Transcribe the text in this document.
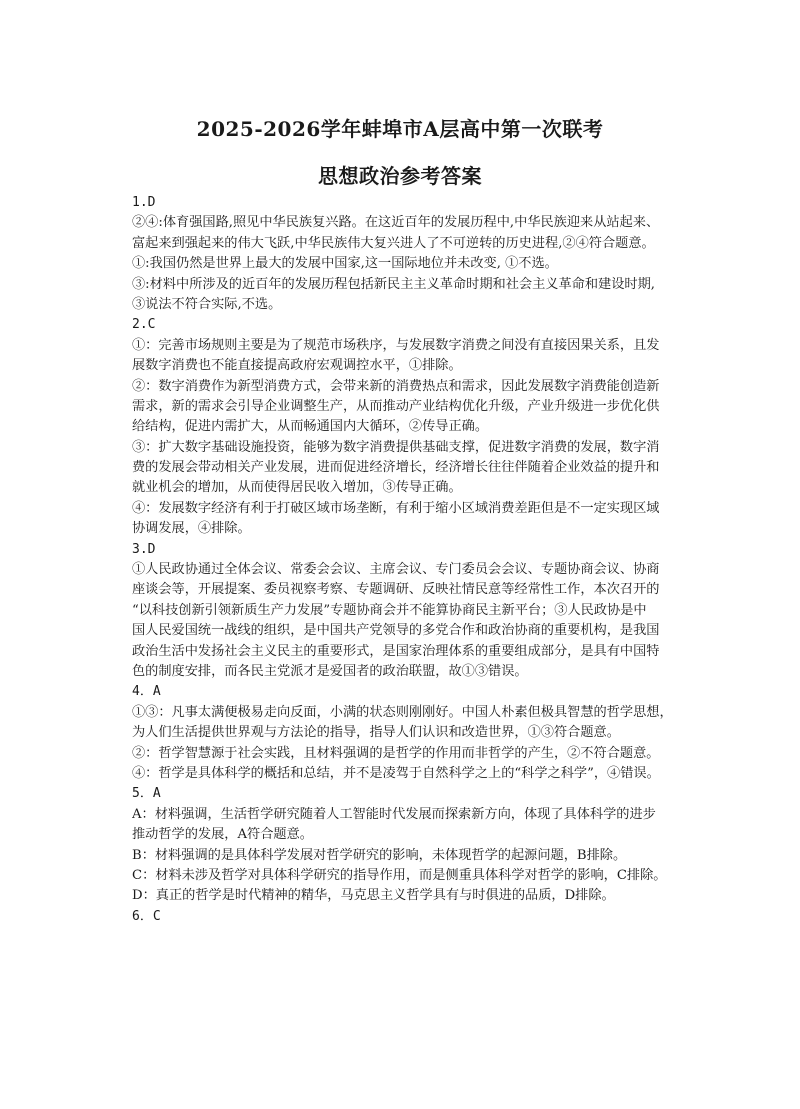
2025-2026学年蚌埠市A层高中第一次联考
思想政治参考答案
1.D
②④:体育强国路,照见中华民族复兴路。在这近百年的发展历程中,中华民族迎来从站起来、
富起来到强起来的伟大飞跃,中华民族伟大复兴进人了不可逆转的历史进程,②④符合题意。
①:我国仍然是世界上最大的发展中国家,这一国际地位并未改变, ①不选。
③:材料中所涉及的近百年的发展历程包括新民主主义革命时期和社会主义革命和建设时期,
③说法不符合实际,不选。
2.C
①：完善市场规则主要是为了规范市场秩序，与发展数字消费之间没有直接因果关系，且发
展数字消费也不能直接提高政府宏观调控水平，①排除。
②：数字消费作为新型消费方式，会带来新的消费热点和需求，因此发展数字消费能创造新
需求，新的需求会引导企业调整生产，从而推动产业结构优化升级，产业升级进一步优化供
给结构，促进内需扩大，从而畅通国内大循环，②传导正确。
③：扩大数字基础设施投资，能够为数字消费提供基础支撑，促进数字消费的发展，数字消
费的发展会带动相关产业发展，进而促进经济增长，经济增长往往伴随着企业效益的提升和
就业机会的增加，从而使得居民收入增加，③传导正确。
④：发展数字经济有利于打破区域市场垄断，有利于缩小区域消费差距但是不一定实现区域
协调发展，④排除。
3.D
①人民政协通过全体会议、常委会会议、主席会议、专门委员会会议、专题协商会议、协商
座谈会等，开展提案、委员视察考察、专题调研、反映社情民意等经常性工作，本次召开的
“以科技创新引领新质生产力发展”专题协商会并不能算协商民主新平台；③人民政协是中
国人民爱国统一战线的组织，是中国共产党领导的多党合作和政治协商的重要机构，是我国
政治生活中发扬社会主义民主的重要形式，是国家治理体系的重要组成部分，是具有中国特
色的制度安排，而各民主党派才是爱国者的政治联盟，故①③错误。
4．A
①③：凡事太满便极易走向反面，小满的状态则刚刚好。中国人朴素但极具智慧的哲学思想，
为人们生活提供世界观与方法论的指导，指导人们认识和改造世界，①③符合题意。
②：哲学智慧源于社会实践，且材料强调的是哲学的作用而非哲学的产生，②不符合题意。
④：哲学是具体科学的概括和总结，并不是凌驾于自然科学之上的“科学之科学”，④错误。
5．A
A：材料强调，生活哲学研究随着人工智能时代发展而探索新方向，体现了具体科学的进步
推动哲学的发展，A符合题意。
B：材料强调的是具体科学发展对哲学研究的影响，未体现哲学的起源问题，B排除。
C：材料未涉及哲学对具体科学研究的指导作用，而是侧重具体科学对哲学的影响，C排除。
D：真正的哲学是时代精神的精华，马克思主义哲学具有与时俱进的品质，D排除。
6．C
